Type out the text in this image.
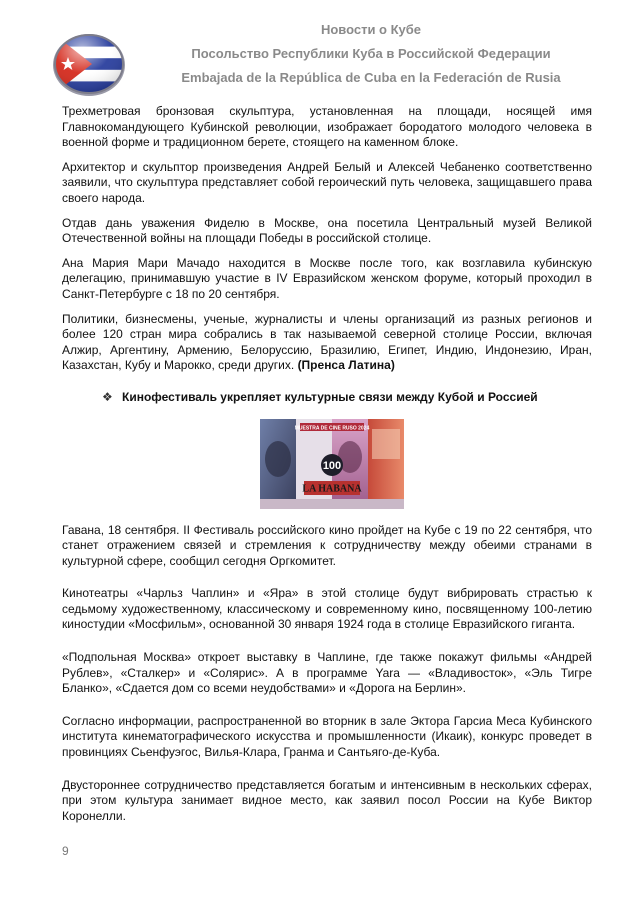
Новости о Кубе
Посольство Республики Куба в Российской Федерации
Embajada de la República de Cuba en la Federación de Rusia

Трехметровая бронзовая скульптура, установленная на площади, носящей имя Главнокомандующего Кубинской революции, изображает бородатого молодого человека в военной форме и традиционном берете, стоящего на каменном блоке.

Архитектор и скульптор произведения Андрей Белый и Алексей Чебаненко соответственно заявили, что скульптура представляет собой героический путь человека, защищавшего права своего народа.

Отдав дань уважения Фиделю в Москве, она посетила Центральный музей Великой Отечественной войны на площади Победы в российской столице.

Ана Мария Мари Мачадо находится в Москве после того, как возглавила кубинскую делегацию, принимавшую участие в IV Евразийском женском форуме, который проходил в Санкт-Петербурге с 18 по 20 сентября.

Политики, бизнесмены, ученые, журналисты и члены организаций из разных регионов и более 120 стран мира собрались в так называемой северной столице России, включая Алжир, Аргентину, Армению, Белоруссию, Бразилию, Египет, Индию, Индонезию, Иран, Казахстан, Кубу и Марокко, среди других. (Пренса Латина)

❖ Кинофестиваль укрепляет культурные связи между Кубой и Россией
MUESTRA DE CINE RUSO 2024
100
LA HABANA

Гавана, 18 сентября. II Фестиваль российского кино пройдет на Кубе с 19 по 22 сентября, что станет отражением связей и стремления к сотрудничеству между обеими странами в культурной сфере, сообщил сегодня Оргкомитет.

Кинотеатры «Чарльз Чаплин» и «Яра» в этой столице будут вибрировать страстью к седьмому художественному, классическому и современному кино, посвященному 100-летию киностудии «Мосфильм», основанной 30 января 1924 года в столице Евразийского гиганта.

«Подпольная Москва» откроет выставку в Чаплине, где также покажут фильмы «Андрей Рублев», «Сталкер» и «Солярис». А в программе Yara — «Владивосток», «Эль Тигре Бланко», «Сдается дом со всеми неудобствами» и «Дорога на Берлин».

Согласно информации, распространенной во вторник в зале Эктора Гарсиа Меса Кубинского института кинематографического искусства и промышленности (Икаик), конкурс проведет в провинциях Сьенфуэгос, Вилья-Клара, Гранма и Сантьяго-де-Куба.

Двустороннее сотрудничество представляется богатым и интенсивным в нескольких сферах, при этом культура занимает видное место, как заявил посол России на Кубе Виктор Коронелли.

9
